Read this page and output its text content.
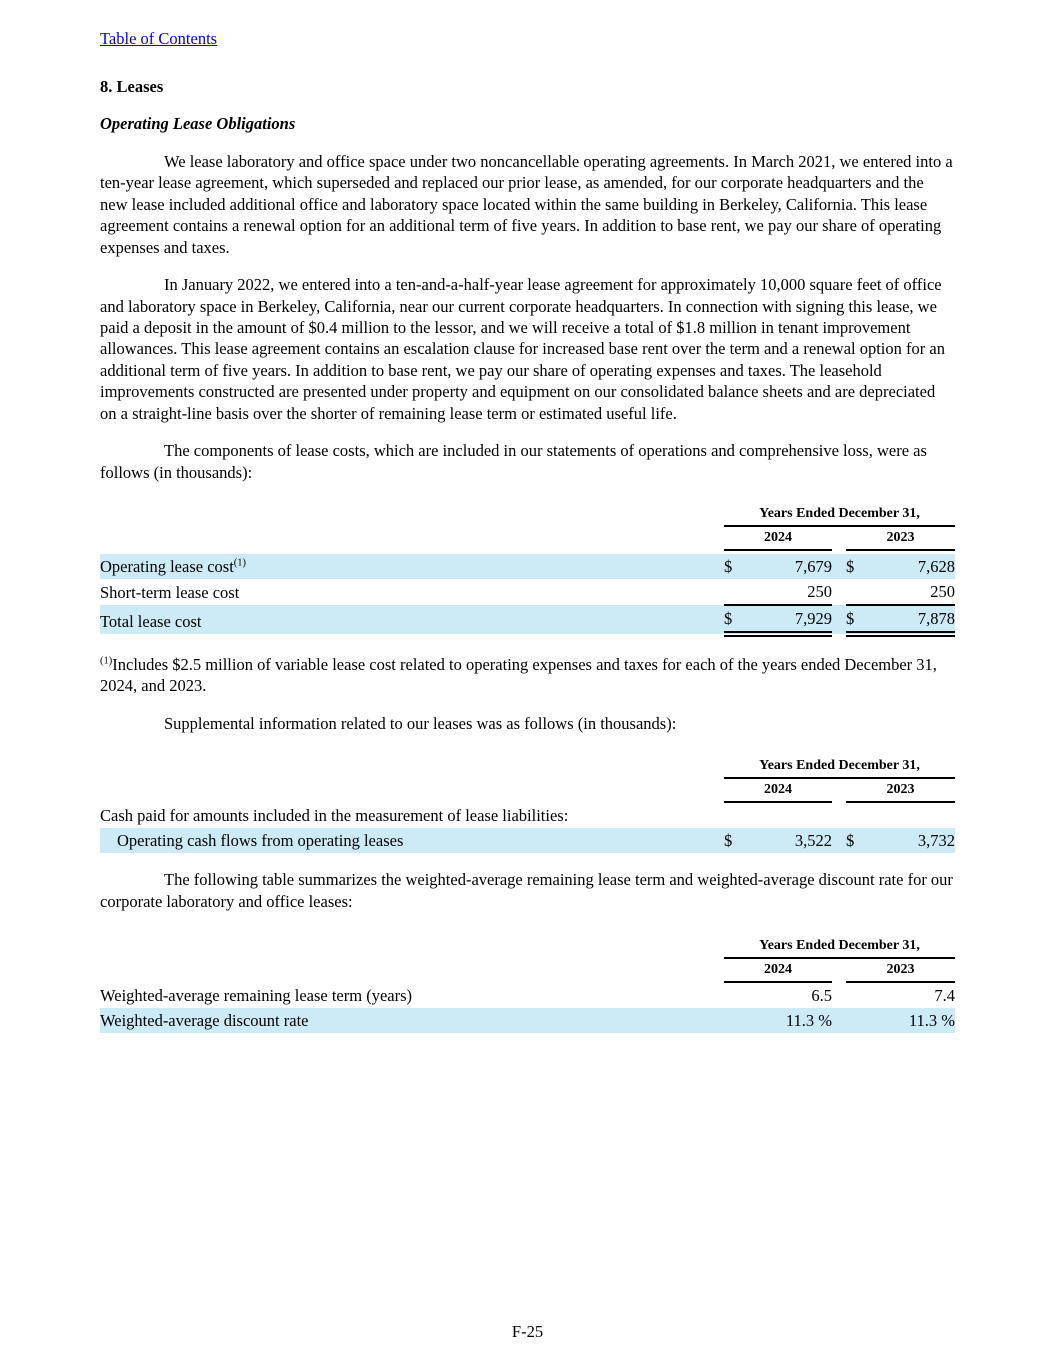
Table of Contents
8. Leases
Operating Lease Obligations

We lease laboratory and office space under two noncancellable operating agreements. In March 2021, we entered into a ten-year lease agreement, which superseded and replaced our prior lease, as amended, for our corporate headquarters and the new lease included additional office and laboratory space located within the same building in Berkeley, California. This lease agreement contains a renewal option for an additional term of five years. In addition to base rent, we pay our share of operating expenses and taxes.

In January 2022, we entered into a ten-and-a-half-year lease agreement for approximately 10,000 square feet of office and laboratory space in Berkeley, California, near our current corporate headquarters. In connection with signing this lease, we paid a deposit in the amount of $0.4 million to the lessor, and we will receive a total of $1.8 million in tenant improvement allowances. This lease agreement contains an escalation clause for increased base rent over the term and a renewal option for an additional term of five years. In addition to base rent, we pay our share of operating expenses and taxes. The leasehold improvements constructed are presented under property and equipment on our consolidated balance sheets and are depreciated on a straight-line basis over the shorter of remaining lease term or estimated useful life.

The components of lease costs, which are included in our statements of operations and comprehensive loss, were as follows (in thousands):

	Years Ended December 31,				
	2024			2023	

Operating lease cost$^{(1)}$	$	7,679		$	7,628
Short-term lease cost		250			250
Total lease cost	$	7,929		$	7,878

$^{(1)}$Includes $2.5 million of variable lease cost related to operating expenses and taxes for each of the years ended December 31, 2024, and 2023.

Supplemental information related to our leases was as follows (in thousands):

	Years Ended December 31,				
	2024			2023	
Cash paid for amounts included in the measurement of lease liabilities:					
Operating cash flows from operating leases	$	3,522		$	3,732

The following table summarizes the weighted-average remaining lease term and weighted-average discount rate for our corporate laboratory and office leases:

	Years Ended December 31,				
	2024			2023	
Weighted-average remaining lease term (years)		6.5			7.4
Weighted-average discount rate		11.3 %			11.3 %
F-25
